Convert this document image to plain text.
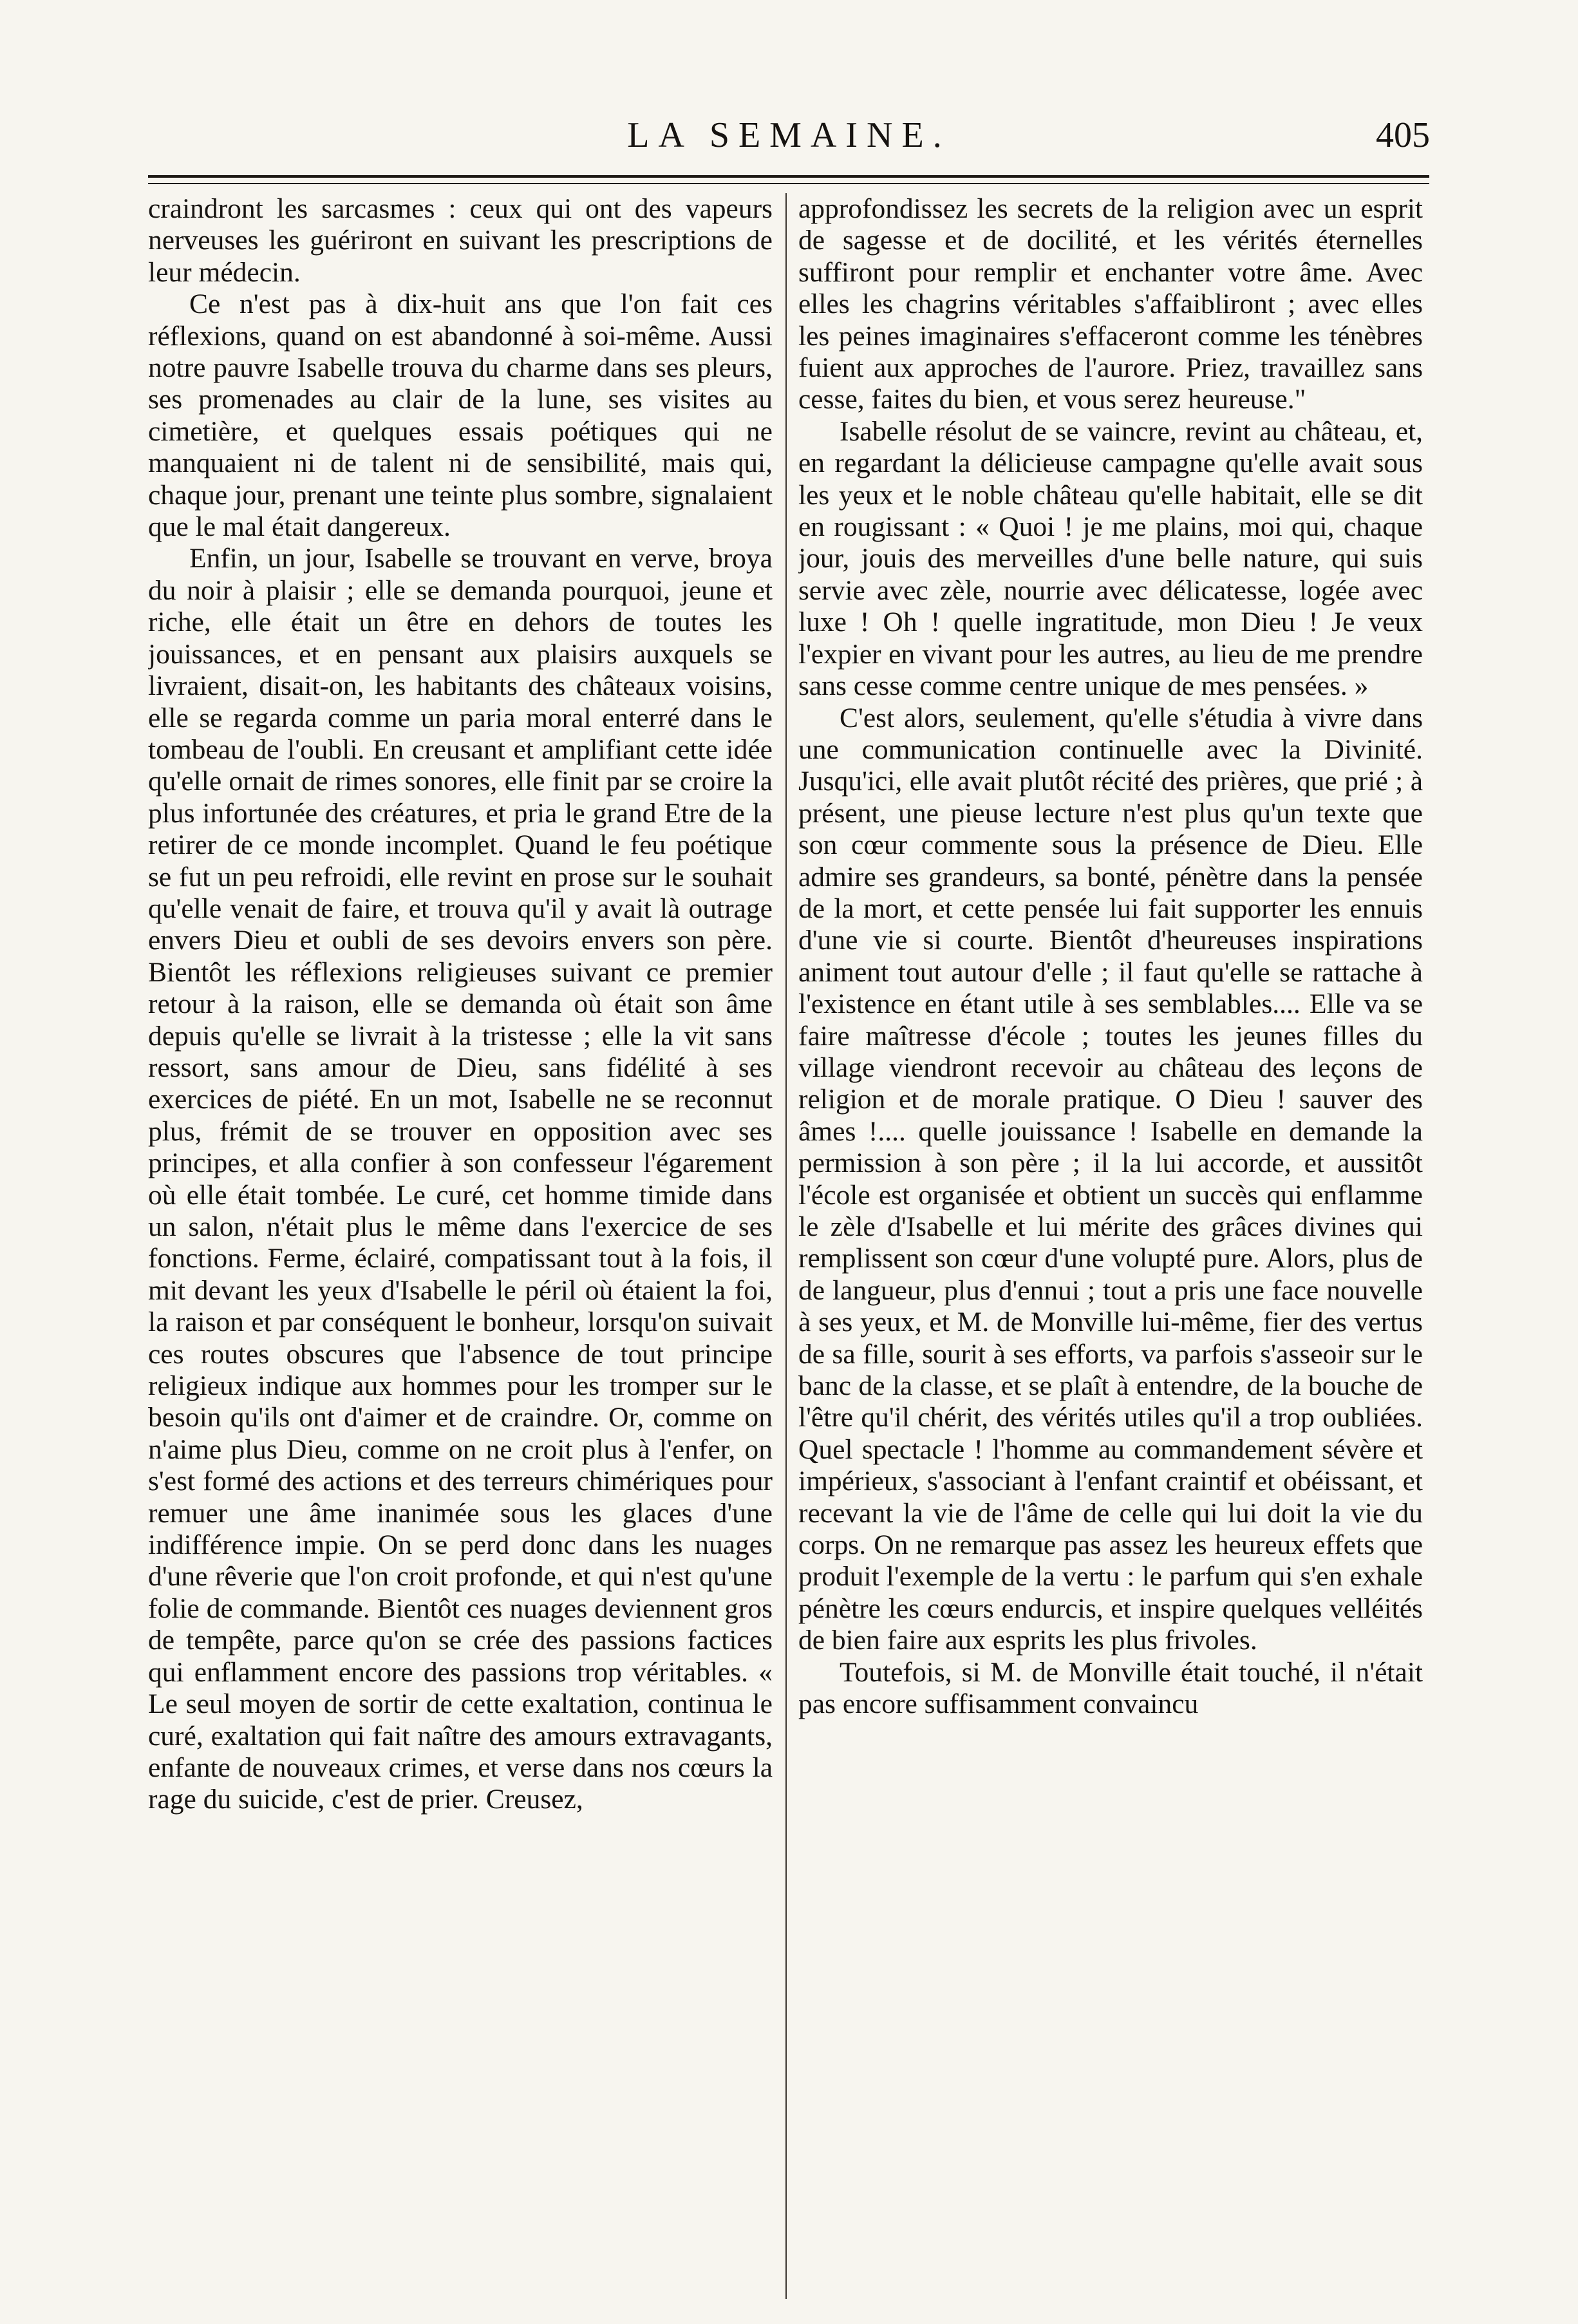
LA SEMAINE.	405

craindront les sarcasmes : ceux qui ont des vapeurs nerveuses les guériront en suivant les prescriptions de leur médecin.

Ce n'est pas à dix-huit ans que l'on fait ces réflexions, quand on est abandonné à soi-même. Aussi notre pauvre Isabelle trouva du charme dans ses pleurs, ses promenades au clair de la lune, ses visites au cimetière, et quelques essais poétiques qui ne manquaient ni de talent ni de sensibilité, mais qui, chaque jour, prenant une teinte plus sombre, signalaient que le mal était dangereux.

Enfin, un jour, Isabelle se trouvant en verve, broya du noir à plaisir ; elle se demanda pourquoi, jeune et riche, elle était un être en dehors de toutes les jouissances, et en pensant aux plaisirs auxquels se livraient, disait-on, les habitants des châteaux voisins, elle se regarda comme un paria moral enterré dans le tombeau de l'oubli. En creusant et amplifiant cette idée qu'elle ornait de rimes sonores, elle finit par se croire la plus infortunée des créatures, et pria le grand Etre de la retirer de ce monde incomplet. Quand le feu poétique se fut un peu refroidi, elle revint en prose sur le souhait qu'elle venait de faire, et trouva qu'il y avait là outrage envers Dieu et oubli de ses devoirs envers son père. Bientôt les réflexions religieuses suivant ce premier retour à la raison, elle se demanda où était son âme depuis qu'elle se livrait à la tristesse ; elle la vit sans ressort, sans amour de Dieu, sans fidélité à ses exercices de piété. En un mot, Isabelle ne se reconnut plus, frémit de se trouver en opposition avec ses principes, et alla confier à son confesseur l'égarement où elle était tombée. Le curé, cet homme timide dans un salon, n'était plus le même dans l'exercice de ses fonctions. Ferme, éclairé, compatissant tout à la fois, il mit devant les yeux d'Isabelle le péril où étaient la foi, la raison et par conséquent le bonheur, lorsqu'on suivait ces routes obscures que l'absence de tout principe religieux indique aux hommes pour les tromper sur le besoin qu'ils ont d'aimer et de craindre. Or, comme on n'aime plus Dieu, comme on ne croit plus à l'enfer, on s'est formé des actions et des terreurs chimériques pour remuer une âme inanimée sous les glaces d'une indifférence impie. On se perd donc dans les nuages d'une rêverie que l'on croit profonde, et qui n'est qu'une folie de commande. Bientôt ces nuages deviennent gros de tempête, parce qu'on se crée des passions factices qui enflamment encore des passions trop véritables. « Le seul moyen de sortir de cette exaltation, continua le curé, exaltation qui fait naître des amours extravagants, enfante de nouveaux crimes, et verse dans nos cœurs la rage du suicide, c'est de prier. Creusez,

approfondissez les secrets de la religion avec un esprit de sagesse et de docilité, et les vérités éternelles suffiront pour remplir et enchanter votre âme. Avec elles les chagrins véritables s'affaibliront ; avec elles les peines imaginaires s'effaceront comme les ténèbres fuient aux approches de l'aurore. Priez, travaillez sans cesse, faites du bien, et vous serez heureuse."

Isabelle résolut de se vaincre, revint au château, et, en regardant la délicieuse campagne qu'elle avait sous les yeux et le noble château qu'elle habitait, elle se dit en rougissant : « Quoi ! je me plains, moi qui, chaque jour, jouis des merveilles d'une belle nature, qui suis servie avec zèle, nourrie avec délicatesse, logée avec luxe ! Oh ! quelle ingratitude, mon Dieu ! Je veux l'expier en vivant pour les autres, au lieu de me prendre sans cesse comme centre unique de mes pensées. »

C'est alors, seulement, qu'elle s'étudia à vivre dans une communication continuelle avec la Divinité. Jusqu'ici, elle avait plutôt récité des prières, que prié ; à présent, une pieuse lecture n'est plus qu'un texte que son cœur commente sous la présence de Dieu. Elle admire ses grandeurs, sa bonté, pénètre dans la pensée de la mort, et cette pensée lui fait supporter les ennuis d'une vie si courte. Bientôt d'heureuses inspirations animent tout autour d'elle ; il faut qu'elle se rattache à l'existence en étant utile à ses semblables.... Elle va se faire maîtresse d'école ; toutes les jeunes filles du village viendront recevoir au château des leçons de religion et de morale pratique. O Dieu ! sauver des âmes !.... quelle jouissance ! Isabelle en demande la permission à son père ; il la lui accorde, et aussitôt l'école est organisée et obtient un succès qui enflamme le zèle d'Isabelle et lui mérite des grâces divines qui remplissent son cœur d'une volupté pure. Alors, plus de de langueur, plus d'ennui ; tout a pris une face nouvelle à ses yeux, et M. de Monville lui-même, fier des vertus de sa fille, sourit à ses efforts, va parfois s'asseoir sur le banc de la classe, et se plaît à entendre, de la bouche de l'être qu'il chérit, des vérités utiles qu'il a trop oubliées. Quel spectacle ! l'homme au commandement sévère et impérieux, s'associant à l'enfant craintif et obéissant, et recevant la vie de l'âme de celle qui lui doit la vie du corps. On ne remarque pas assez les heureux effets que produit l'exemple de la vertu : le parfum qui s'en exhale pénètre les cœurs endurcis, et inspire quelques velléités de bien faire aux esprits les plus frivoles.

Toutefois, si M. de Monville était touché, il n'était pas encore suffisamment convaincu
